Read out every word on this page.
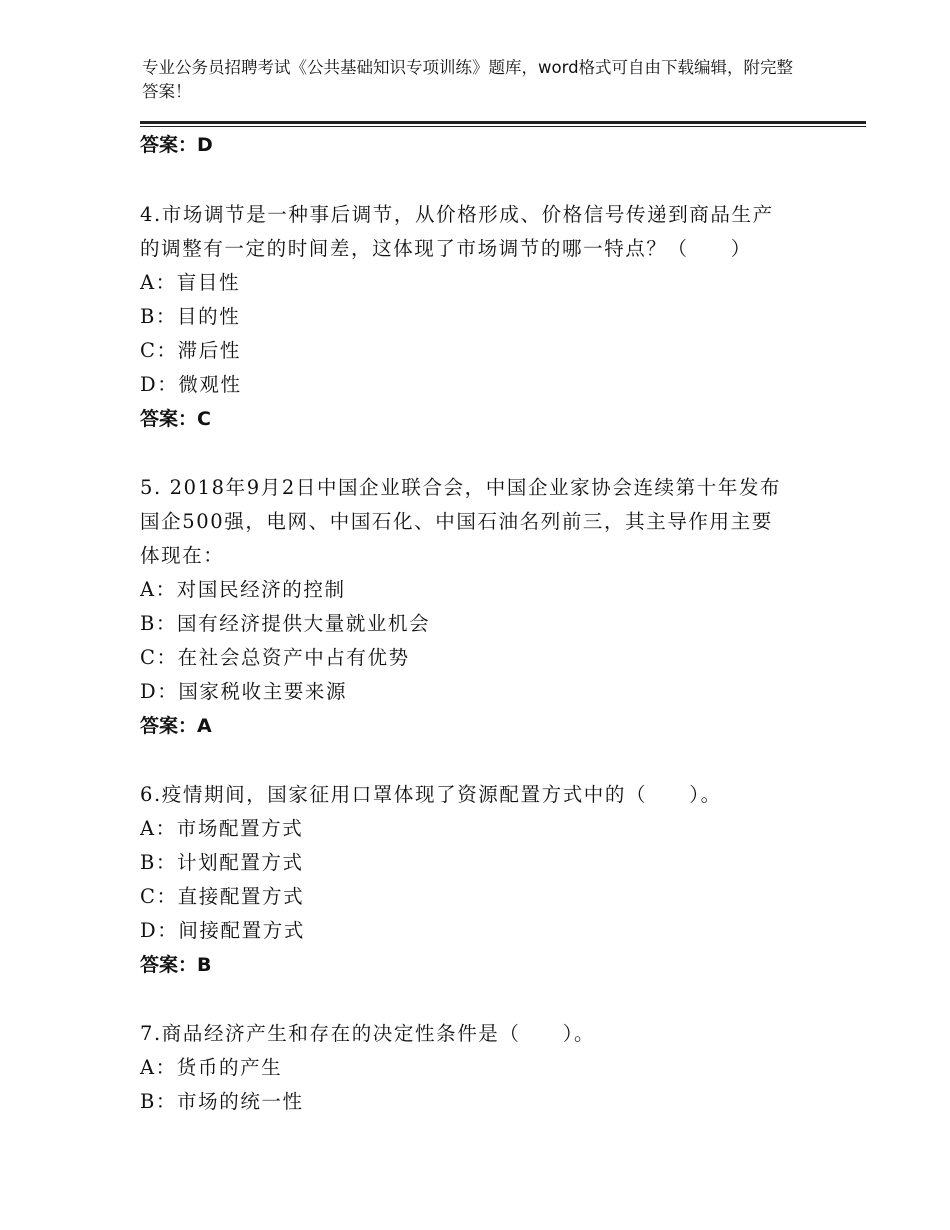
专业公务员招聘考试《公共基础知识专项训练》题库，word格式可自由下载编辑，附完整答案！
答案：D
4.市场调节是一种事后调节，从价格形成、价格信号传递到商品生产
的调整有一定的时间差，这体现了市场调节的哪一特点？（　　）
A：盲目性
B：目的性
C：滞后性
D：微观性
答案：C
5. 2018年9月2日中国企业联合会，中国企业家协会连续第十年发布
国企500强，电网、中国石化、中国石油名列前三，其主导作用主要
体现在：
A：对国民经济的控制
B：国有经济提供大量就业机会
C：在社会总资产中占有优势
D：国家税收主要来源
答案：A
6.疫情期间，国家征用口罩体现了资源配置方式中的（　　）。
A：市场配置方式
B：计划配置方式
C：直接配置方式
D：间接配置方式
答案：B
7.商品经济产生和存在的决定性条件是（　　）。
A：货币的产生
B：市场的统一性
